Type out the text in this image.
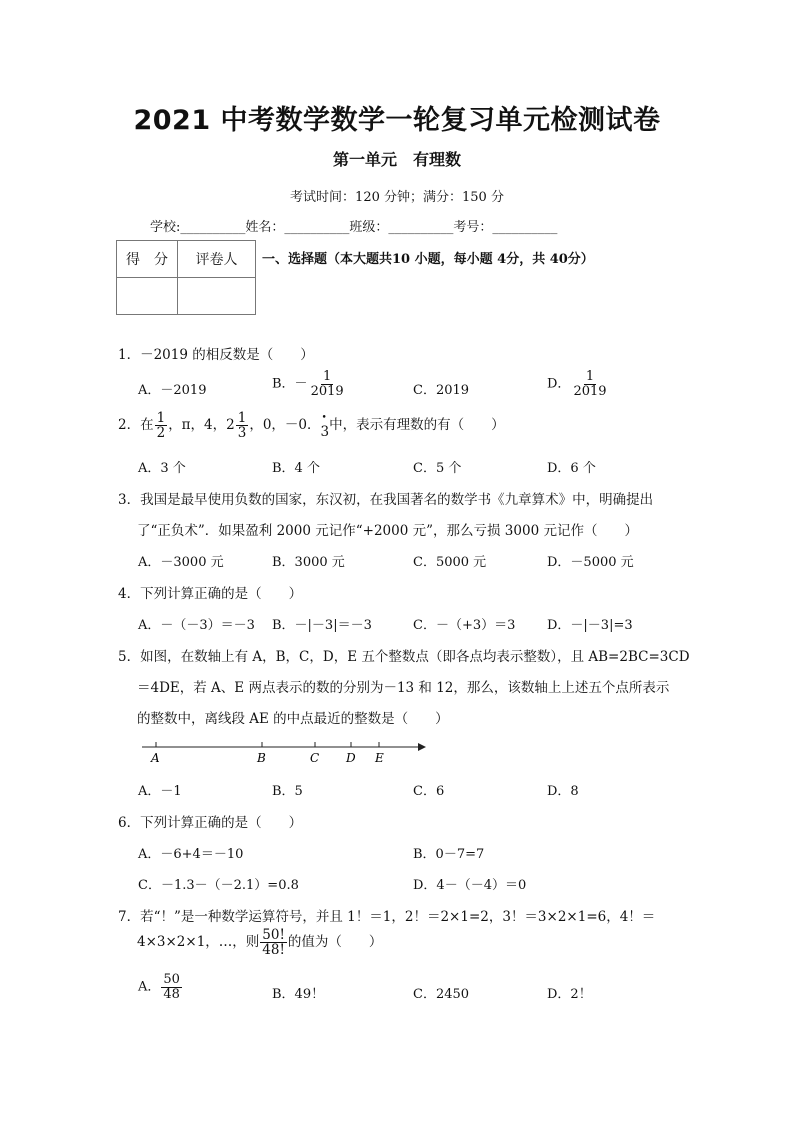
2021 中考数学数学一轮复习单元检测试卷
第一单元　有理数
考试时间：120 分钟；满分：150 分
学校:__________姓名：__________班级：__________考号：__________
得　分	评卷人
	一、选择题（本大题共10 小题，每小题 4分，共 40分）
1．－2019 的相反数是（　　）
A．－2019	B．－ $\frac{1}{2019}$	C．2019	D． $\frac{1}{2019}$
2．在 $\frac{1}{2}$ ，π，4，$2 \frac{1}{3}$ ，0，－0．• 3中，表示有理数的有（　　）
A．3 个	B．4 个	C．5 个	D．6 个
3．我国是最早使用负数的国家，东汉初，在我国著名的数学书《九章算术》中，明确提出
了“正负术”．如果盈利 2000 元记作“+2000 元”，那么亏损 3000 元记作（　　）
A．－3000 元	B．3000 元	C．5000 元	D．－5000 元
4．下列计算正确的是（　　）
A．－（－3）＝－3 B．－|－3|＝－3	C．－（+3）＝3 D．－|－3|=3
5．如图，在数轴上有 A，B，C，D，E 五个整数点（即各点均表示整数），且 AB=2BC=3CD
＝4DE，若 A、E 两点表示的数的分别为－13 和 12，那么，该数轴上上述五个点所表示
的整数中，离线段 AE 的中点最近的整数是（　　）
A	B	C D E
A．－1	B．5	C．6	D．8
6．下列计算正确的是（　　）
A．－6+4＝－10	B．0－7=7
C．－1.3－（－2.1）=0.8	D．4－（－4）＝0
7．若“！”是一种数学运算符号，并且 1！＝1，2！＝2×1=2，3！＝3×2×1=6，4！＝
4×3×2×1，…，则 $\frac{50!}{48!}$ 的值为（　　）
A． $\frac{50}{48}$	B．49！	C．2450	D．2！
